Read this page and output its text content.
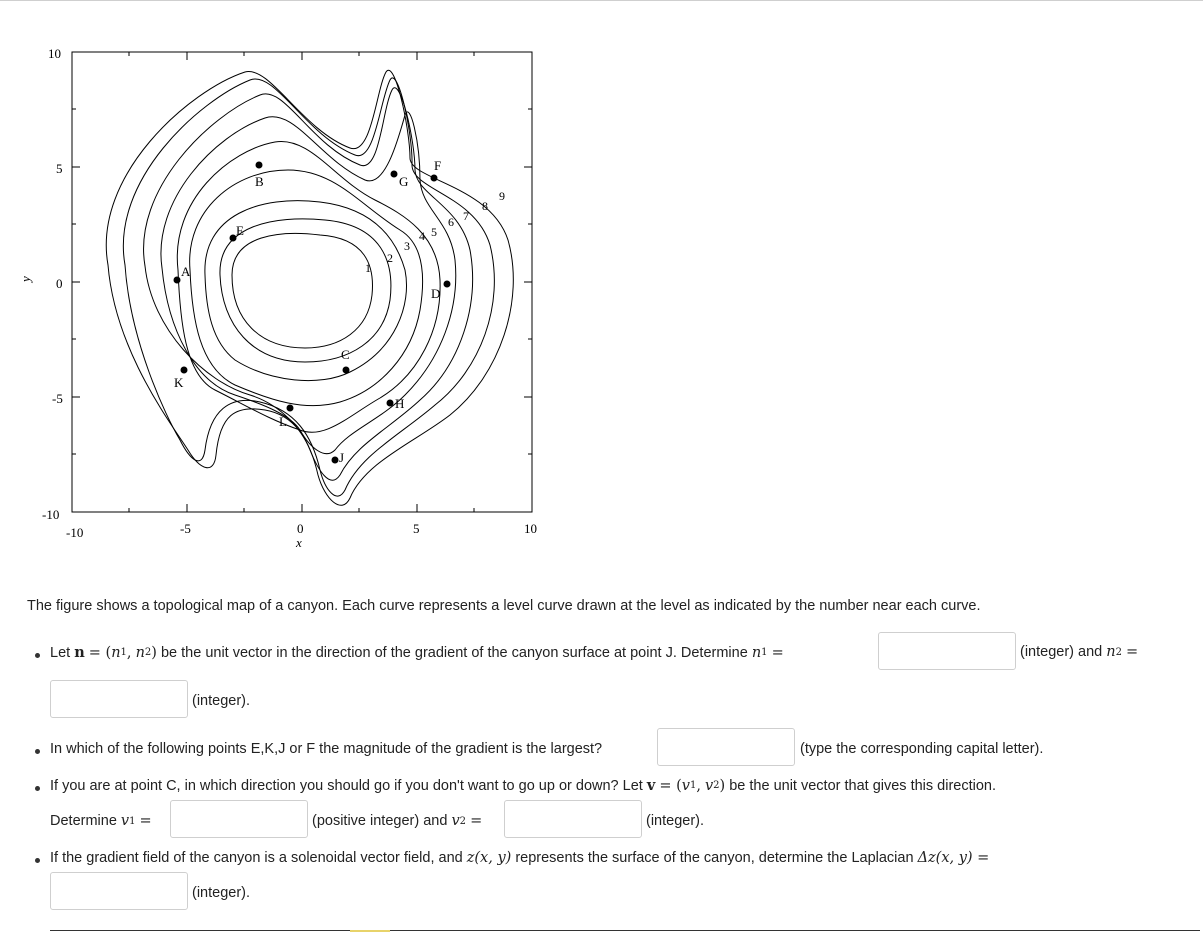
-10	-5	0	5	10
x
10
5
0
-5
-10
y
1
2
3
4 5
6 7
8
9
A
B
C
D
E
F
G
H
J
K
L
The figure shows a topological map of a canyon. Each curve represents a level curve drawn at the level as indicated by the number near each curve.
Let
n
= ( n 1 ,
n 2 )
be the unit vector in the direction of the gradient of the canyon surface at point J. Determine
n 1
=	(integer) and
n 2
=
(integer).
In which of the following points E,K,J or F the magnitude of the gradient is the largest?	(type the corresponding capital letter).
If you are at point C, in which direction you should go if you don't want to go up or down? Let
v
= ( v 1 ,
v 2 )
be the unit vector that gives this direction.
Determine
v 1
=	(positive integer) and
v 2
=	(integer).
If the gradient field of the canyon is a solenoidal vector field, and
z(x, y)
represents the surface of the canyon, determine the Laplacian
Δz(x, y) =
(integer).
